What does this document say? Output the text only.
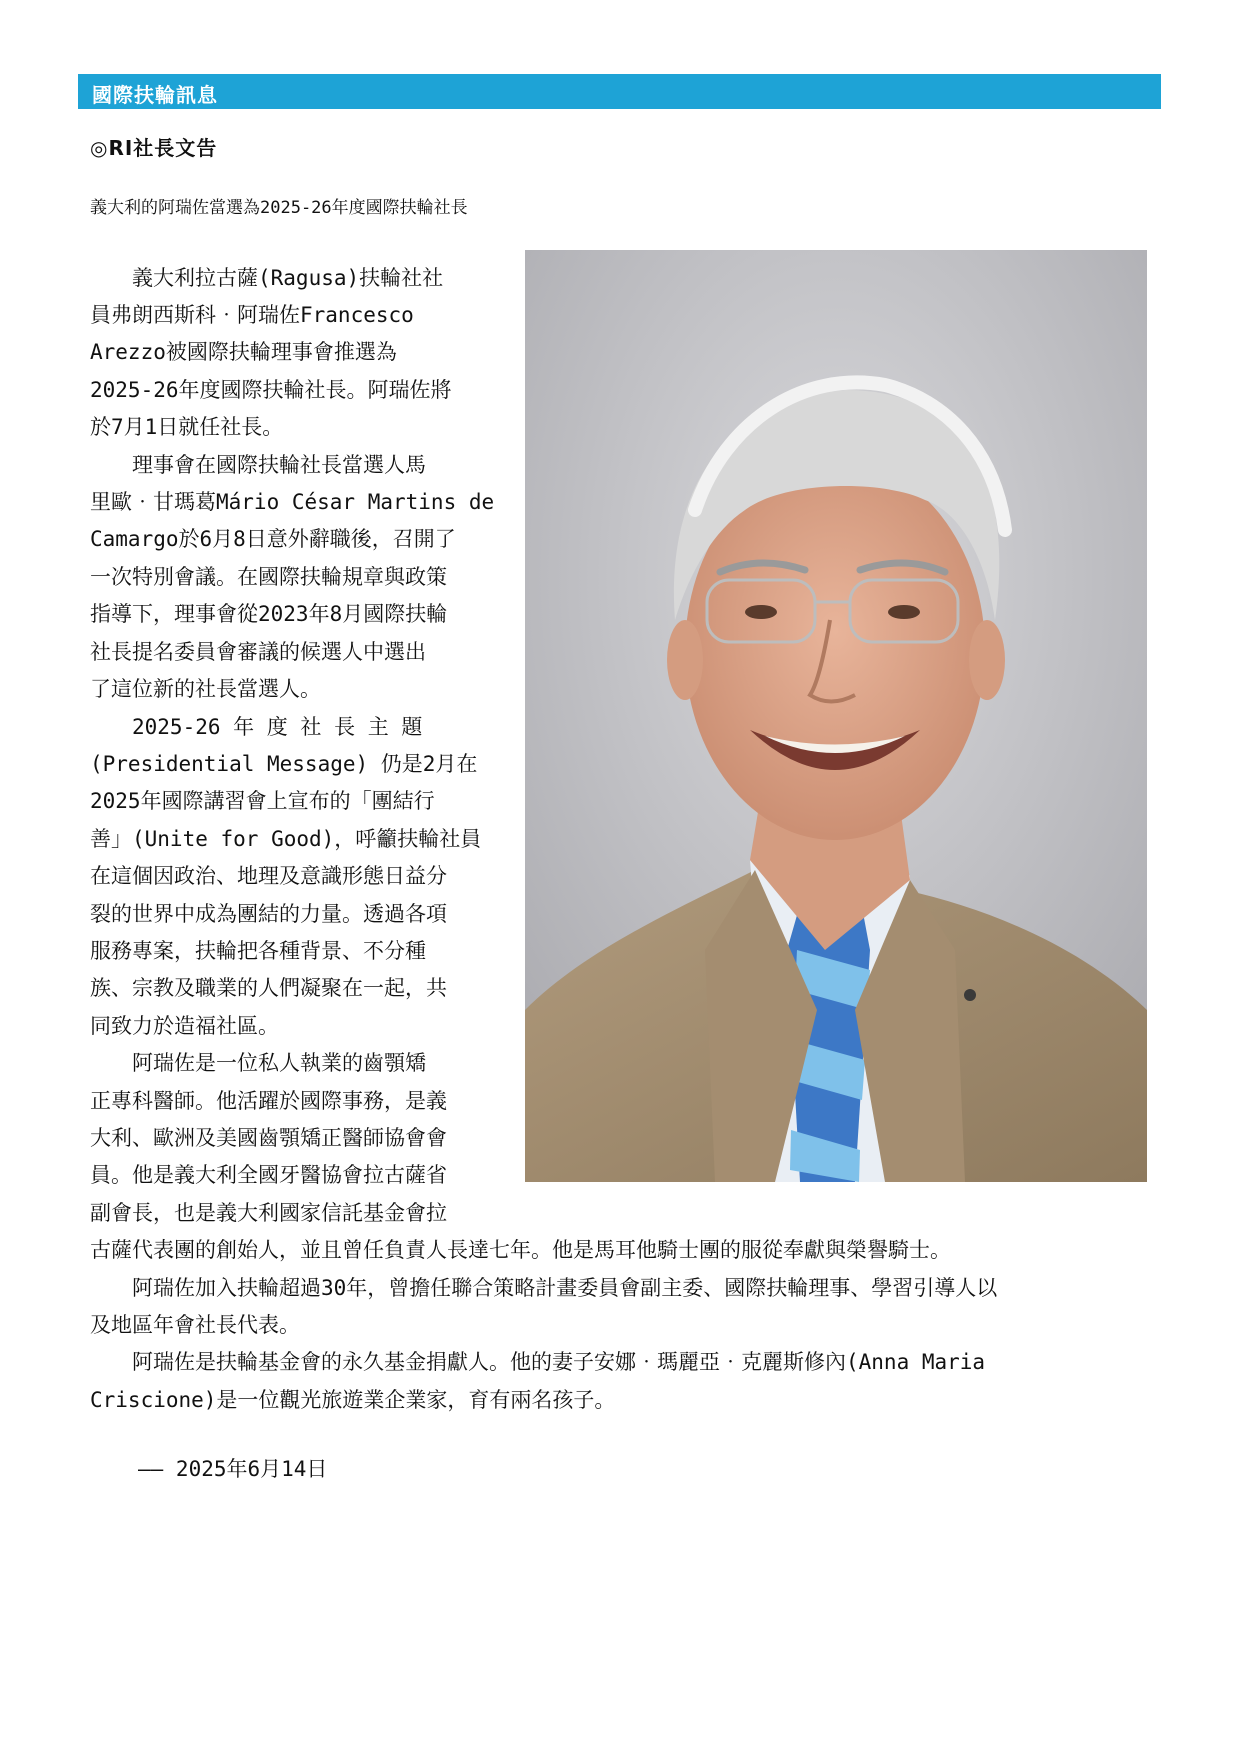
國際扶輪訊息
◎RI社長文告
義大利的阿瑞佐當選為2025-26年度國際扶輪社長
　　義大利拉古薩(Ragusa)扶輪社社
員弗朗西斯科‧阿瑞佐Francesco
Arezzo被國際扶輪理事會推選為
2025-26年度國際扶輪社長。阿瑞佐將
於7月1日就任社長。
　　理事會在國際扶輪社長當選人馬
里歐‧甘瑪葛Mário César Martins de
Camargo於6月8日意外辭職後，召開了
一次特別會議。在國際扶輪規章與政策
指導下，理事會從2023年8月國際扶輪
社長提名委員會審議的候選人中選出
了這位新的社長當選人。
　　2025-26 年 度 社 長 主 題
(Presidential Message) 仍是2月在
2025年國際講習會上宣布的「團結行
善」(Unite for Good)，呼籲扶輪社員
在這個因政治、地理及意識形態日益分
裂的世界中成為團結的力量。透過各項
服務專案，扶輪把各種背景、不分種
族、宗教及職業的人們凝聚在一起，共
同致力於造福社區。
　　阿瑞佐是一位私人執業的齒顎矯
正專科醫師。他活躍於國際事務，是義
大利、歐洲及美國齒顎矯正醫師協會會
員。他是義大利全國牙醫協會拉古薩省
副會長，也是義大利國家信託基金會拉
古薩代表團的創始人，並且曾任負責人長達七年。他是馬耳他騎士團的服從奉獻與榮譽騎士。
　　阿瑞佐加入扶輪超過30年，曾擔任聯合策略計畫委員會副主委、國際扶輪理事、學習引導人以
及地區年會社長代表。
　　阿瑞佐是扶輪基金會的永久基金捐獻人。他的妻子安娜‧瑪麗亞‧克麗斯修內(Anna Maria
Criscione)是一位觀光旅遊業企業家，育有兩名孩子。
—— 2025年6月14日
